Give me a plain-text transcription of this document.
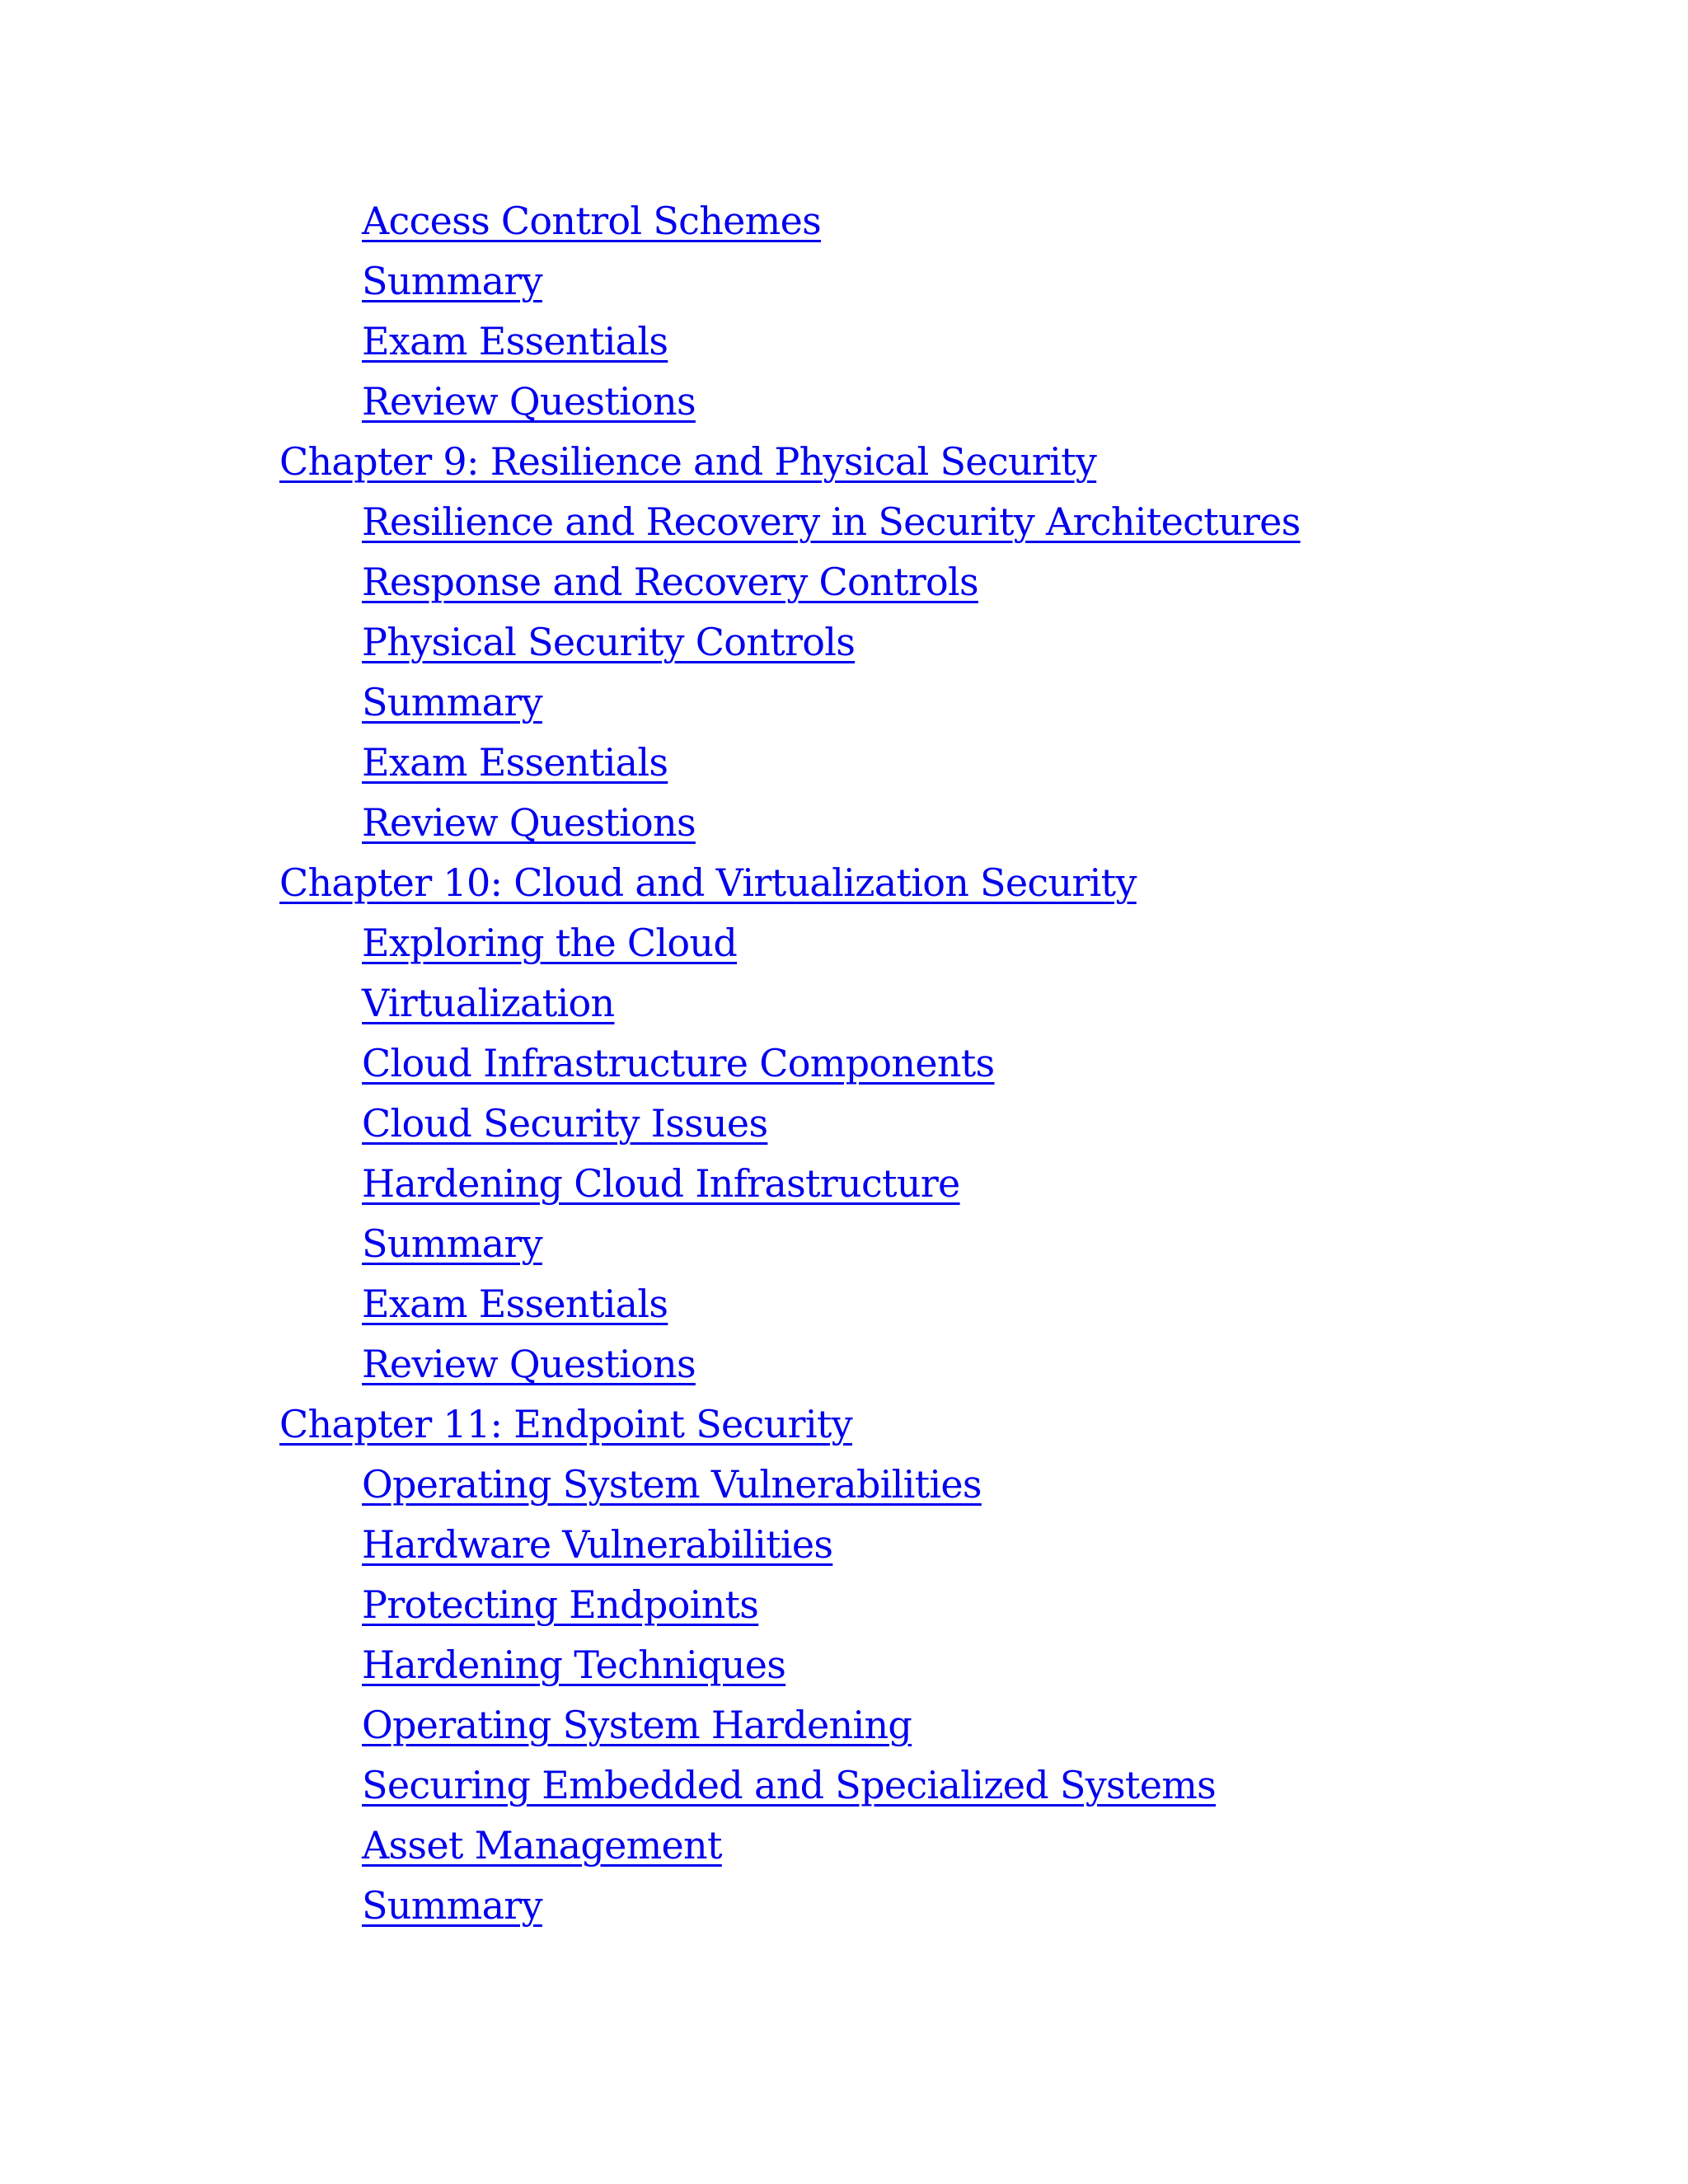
Access Control Schemes
Summary
Exam Essentials
Review Questions
Chapter 9: Resilience and Physical Security
Resilience and Recovery in Security Architectures
Response and Recovery Controls
Physical Security Controls
Summary
Exam Essentials
Review Questions
Chapter 10: Cloud and Virtualization Security
Exploring the Cloud
Virtualization
Cloud Infrastructure Components
Cloud Security Issues
Hardening Cloud Infrastructure
Summary
Exam Essentials
Review Questions
Chapter 11: Endpoint Security
Operating System Vulnerabilities
Hardware Vulnerabilities
Protecting Endpoints
Hardening Techniques
Operating System Hardening
Securing Embedded and Specialized Systems
Asset Management
Summary
